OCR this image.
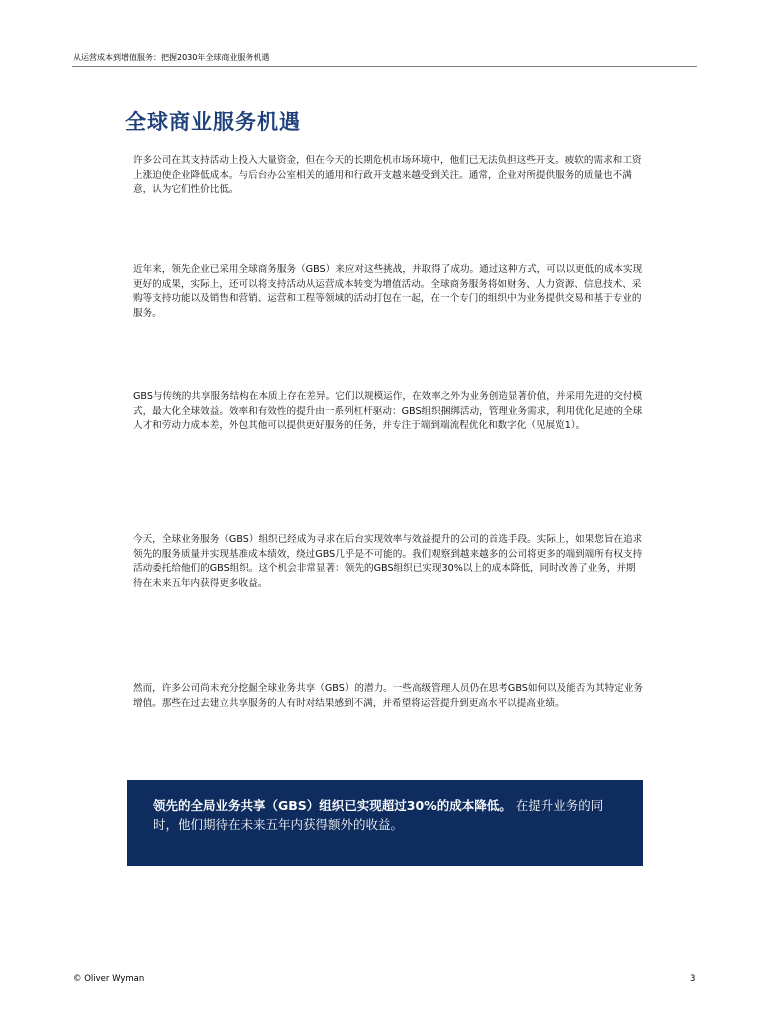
从运营成本到增值服务：把握2030年全球商业服务机遇
全球商业服务机遇

许多公司在其支持活动上投入大量资金，但在今天的长期危机市场环境中，他们已无法负担这些开支。疲软的需求和工资上涨迫使企业降低成本。与后台办公室相关的通用和行政开支越来越受到关注。通常，企业对所提供服务的质量也不满意，认为它们性价比低。

近年来，领先企业已采用全球商务服务（GBS）来应对这些挑战，并取得了成功。通过这种方式，可以以更低的成本实现更好的成果，实际上，还可以将支持活动从运营成本转变为增值活动。全球商务服务将如财务、人力资源、信息技术、采购等支持功能以及销售和营销、运营和工程等领域的活动打包在一起，在一个专门的组织中为业务提供交易和基于专业的服务。

GBS与传统的共享服务结构在本质上存在差异。它们以规模运作，在效率之外为业务创造显著价值，并采用先进的交付模式，最大化全球效益。效率和有效性的提升由一系列杠杆驱动：GBS组织捆绑活动，管理业务需求，利用优化足迹的全球人才和劳动力成本差，外包其他可以提供更好服务的任务，并专注于端到端流程优化和数字化（见展览1）。

今天，全球业务服务（GBS）组织已经成为寻求在后台实现效率与效益提升的公司的首选手段。实际上，如果您旨在追求领先的服务质量并实现基准成本绩效，绕过GBS几乎是不可能的。我们观察到越来越多的公司将更多的端到端所有权支持活动委托给他们的GBS组织。这个机会非常显著：领先的GBS组织已实现30%以上的成本降低，同时改善了业务，并期待在未来五年内获得更多收益。

然而，许多公司尚未充分挖掘全球业务共享（GBS）的潜力。一些高级管理人员仍在思考GBS如何以及能否为其特定业务增值。那些在过去建立共享服务的人有时对结果感到不满，并希望将运营提升到更高水平以提高业绩。

领先的全局业务共享（GBS）组织已实现超过30%的成本降低。 在提升业务的同时，他们期待在未来五年内获得额外的收益。
© Oliver Wyman	3
